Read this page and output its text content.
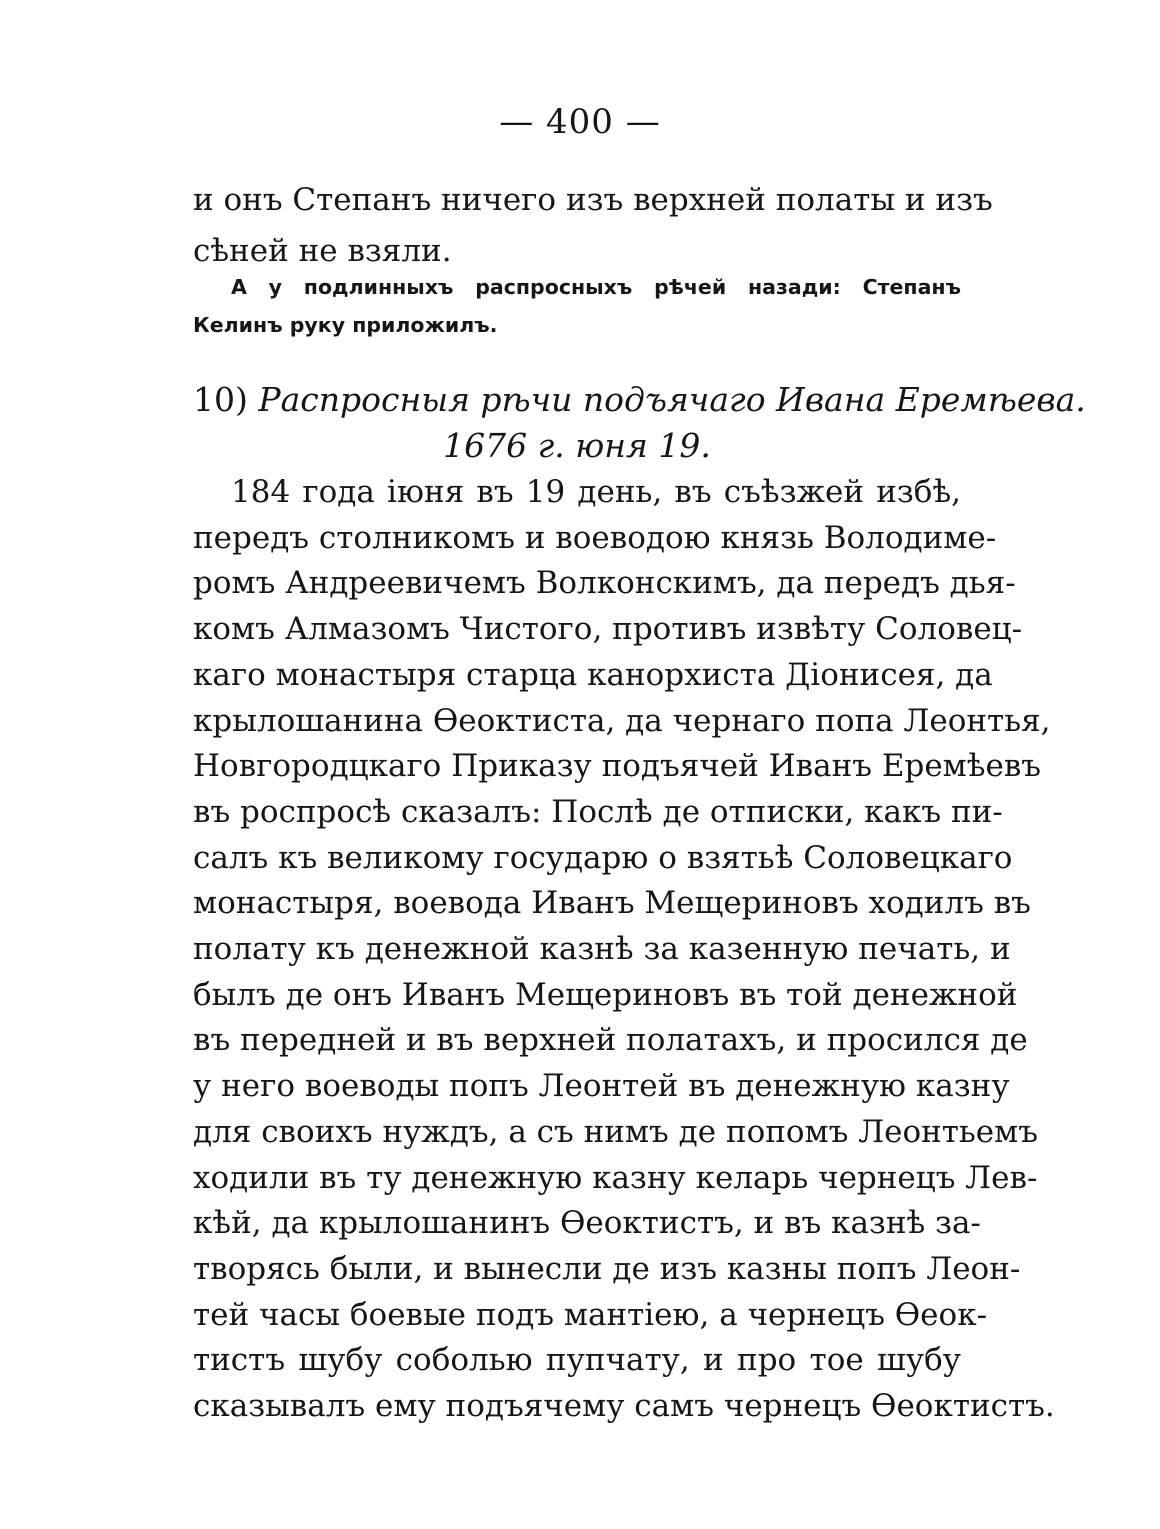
— 400 —
и онъ Степанъ ничего изъ верхней полаты и изъ
сѣней не взяли.
А у подлинныхъ распросныхъ рѣчей назади: Степанъ
Келинъ руку приложилъ.
10) Распросныя рѣчи подъячаго Ивана Еремѣева.
1676 г. юня 19.
184 года іюня въ 19 день, въ съѣзжей избѣ,
передъ столникомъ и воеводою князь Володиме-
ромъ Андреевичемъ Волконскимъ, да передъ дья-
комъ Алмазомъ Чистого, противъ извѣту Соловец-
каго монастыря старца канорхиста Діонисея, да
крылошанина Ѳеоктиста, да чернаго попа Леонтья,
Новгородцкаго Приказу подъячей Иванъ Еремѣевъ
въ роспросѣ сказалъ: Послѣ де отписки, какъ пи-
салъ къ великому государю о взятьѣ Соловецкаго
монастыря, воевода Иванъ Мещериновъ ходилъ въ
полату къ денежной казнѣ за казенную печать, и
былъ де онъ Иванъ Мещериновъ въ той денежной
въ передней и въ верхней полатахъ, и просился де
у него воеводы попъ Леонтей въ денежную казну
для своихъ нуждъ, а съ нимъ де попомъ Леонтьемъ
ходили въ ту денежную казну келарь чернецъ Лев-
кѣй, да крылошанинъ Ѳеоктистъ, и въ казнѣ за-
творясь были, и вынесли де изъ казны попъ Леон-
тей часы боевые подъ мантіею, а чернецъ Ѳеок-
тистъ шубу соболью пупчату, и про тое шубу
сказывалъ ему подъячему самъ чернецъ Ѳеоктистъ.
